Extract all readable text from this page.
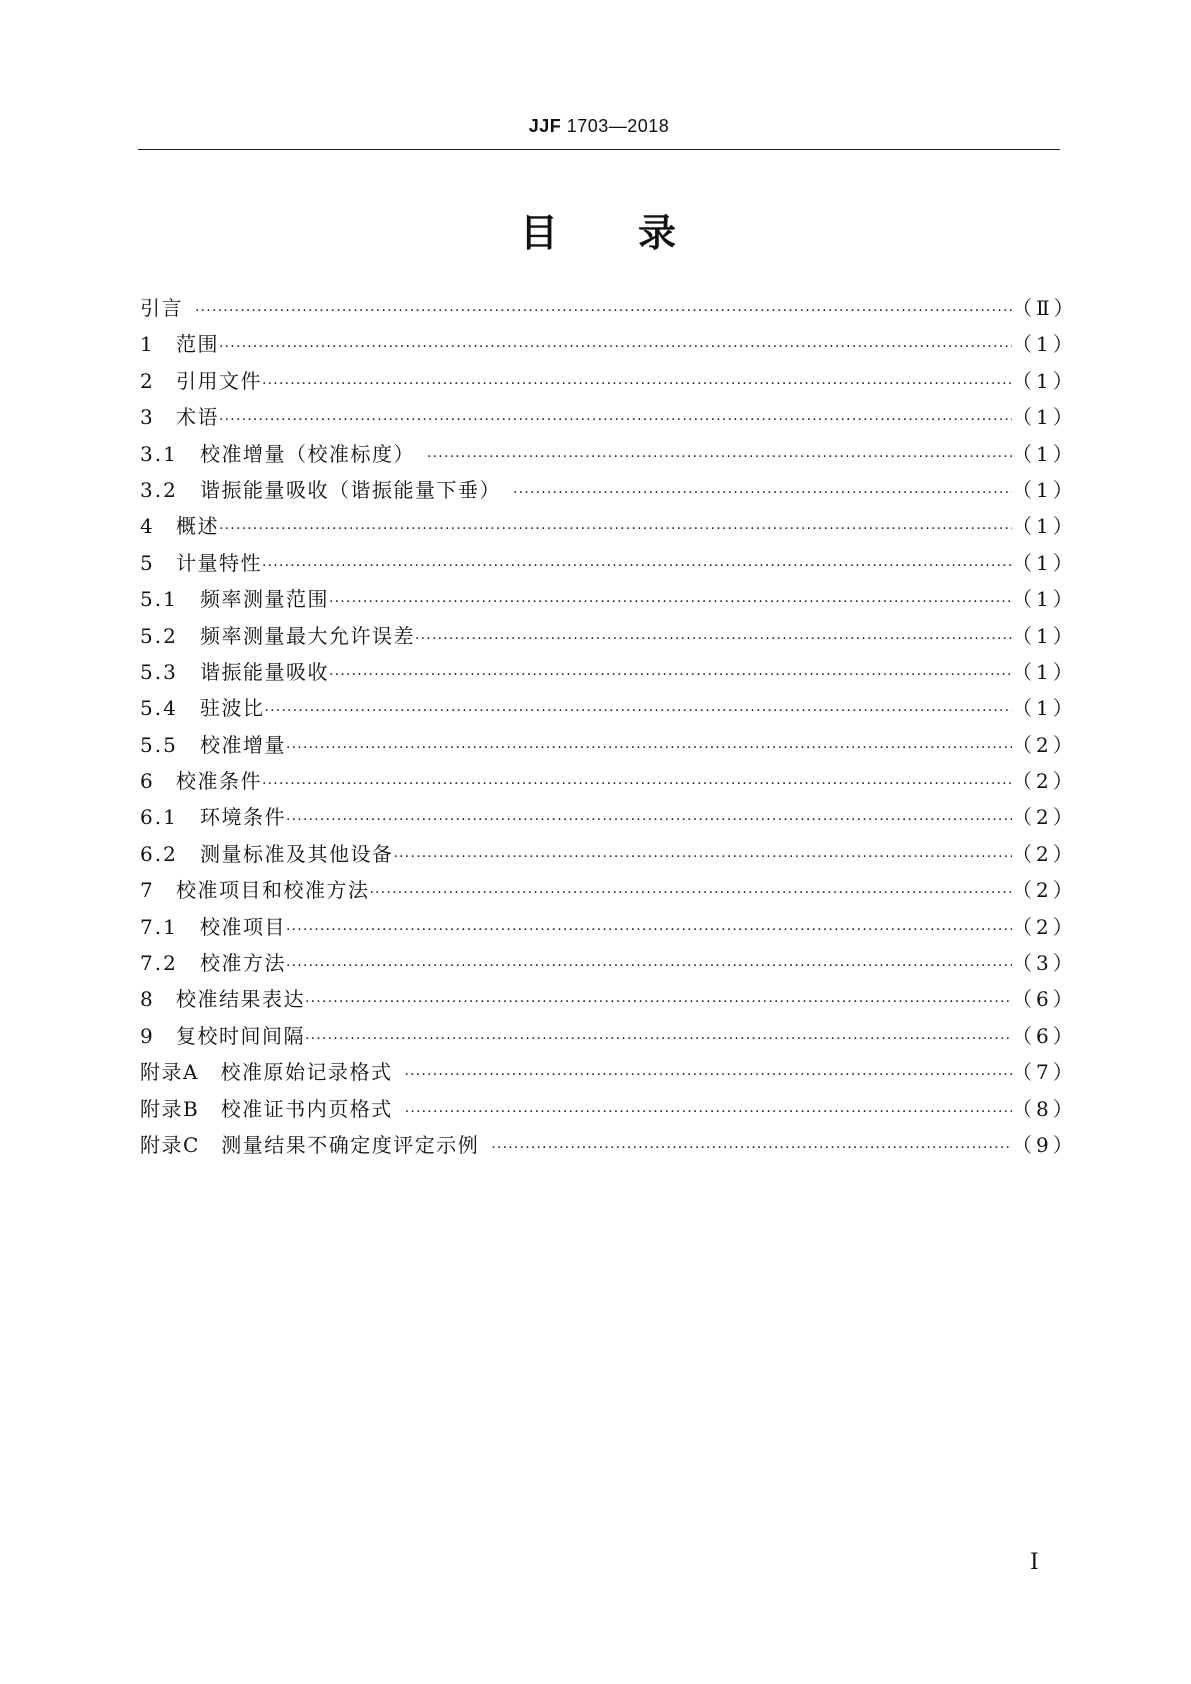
JJF 1703—2018
目 录
引言 ·····	（Ⅱ）
1	范围 ·····	（1）
2	引用文件 ·····	（1）
3	术语 ·····	（1）
3.1	校准增量（校准标度） ·····	（1）
3.2	谐振能量吸收（谐振能量下垂） ·····	（1）
4	概述 ·····	（1）
5	计量特性 ·····	（1）
5.1	频率测量范围 ·····	（1）
5.2	频率测量最大允许误差 ·····	（1）
5.3	谐振能量吸收 ·····	（1）
5.4	驻波比 ·····	（1）
5.5	校准增量 ·····	（2）
6	校准条件 ·····	（2）
6.1	环境条件 ·····	（2）
6.2	测量标准及其他设备 ·····	（2）
7	校准项目和校准方法 ·····	（2）
7.1	校准项目 ·····	（2）
7.2	校准方法 ·····	（3）
8	校准结果表达 ·····	（6）
9	复校时间间隔 ·····	（6）
附录A　校准原始记录格式 ·····	（7）
附录B　校准证书内页格式 ·····	（8）
附录C　测量结果不确定度评定示例 ·····	（9）
I
